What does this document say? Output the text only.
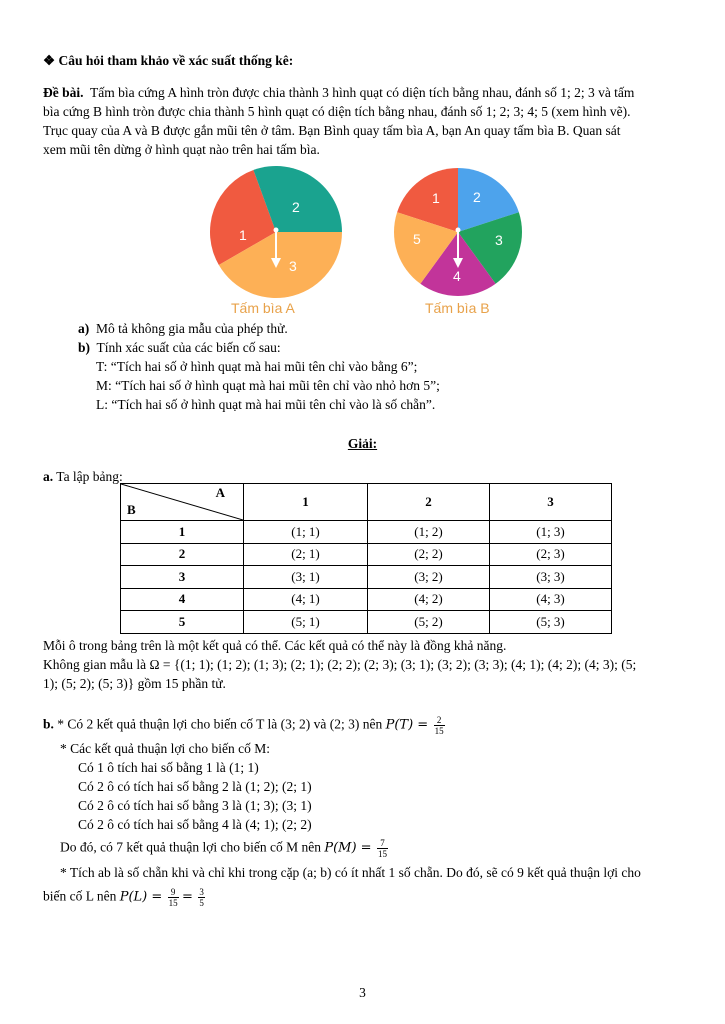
❖ Câu hỏi tham khảo về xác suất thống kê:
Đề bài. Tấm bìa cứng A hình tròn được chia thành 3 hình quạt có diện tích bằng nhau, đánh số 1; 2; 3 và tấm
bìa cứng B hình tròn được chia thành 5 hình quạt có diện tích bằng nhau, đánh số 1; 2; 3; 4; 5 (xem hình vẽ).
Trục quay của A và B được gắn mũi tên ở tâm. Bạn Bình quay tấm bìa A, bạn An quay tấm bìa B. Quan sát
xem mũi tên dừng ở hình quạt nào trên hai tấm bìa.
1
2
3
1 2
3
4
5
Tấm bìa A	Tấm bìa B
a) Mô tả không gia mẫu của phép thử.
b) Tính xác suất của các biến cố sau:
T: “Tích hai số ở hình quạt mà hai mũi tên chỉ vào bằng 6”;
M: “Tích hai số ở hình quạt mà hai mũi tên chỉ vào nhỏ hơn 5”;
L: “Tích hai số ở hình quạt mà hai mũi tên chỉ vào là số chẵn”.
Giải:
a. Ta lập bảng:
A
B	1	2	3
1	(1; 1)	(1; 2)	(1; 3)
2	(2; 1)	(2; 2)	(2; 3)
3	(3; 1)	(3; 2)	(3; 3)
4	(4; 1)	(4; 2)	(4; 3)
5	(5; 1)	(5; 2)	(5; 3)
Mỗi ô trong bảng trên là một kết quả có thể. Các kết quả có thể này là đồng khả năng.
Không gian mẫu là Ω = {(1; 1); (1; 2); (1; 3); (2; 1); (2; 2); (2; 3); (3; 1); (3; 2); (3; 3); (4; 1); (4; 2); (4; 3); (5;
1); (5; 2); (5; 3)} gồm 15 phần tử.
b. * Có 2 kết quả thuận lợi cho biến cố T là (3; 2) và (2; 3) nên $P(T) = \frac{2}{15}$
* Các kết quả thuận lợi cho biến cố M:
Có 1 ô tích hai số bằng 1 là (1; 1)
Có 2 ô có tích hai số bằng 2 là (1; 2); (2; 1)
Có 2 ô có tích hai số bằng 3 là (1; 3); (3; 1)
Có 2 ô có tích hai số bằng 4 là (4; 1); (2; 2)
Do đó, có 7 kết quả thuận lợi cho biến cố M nên $P(M) = \frac{7}{15}$
* Tích ab là số chẵn khi và chỉ khi trong cặp (a; b) có ít nhất 1 số chẵn. Do đó, sẽ có 9 kết quả thuận lợi cho
biến cố L nên $P(L) = \frac{9}{15} = \frac{3}{5}$
3
